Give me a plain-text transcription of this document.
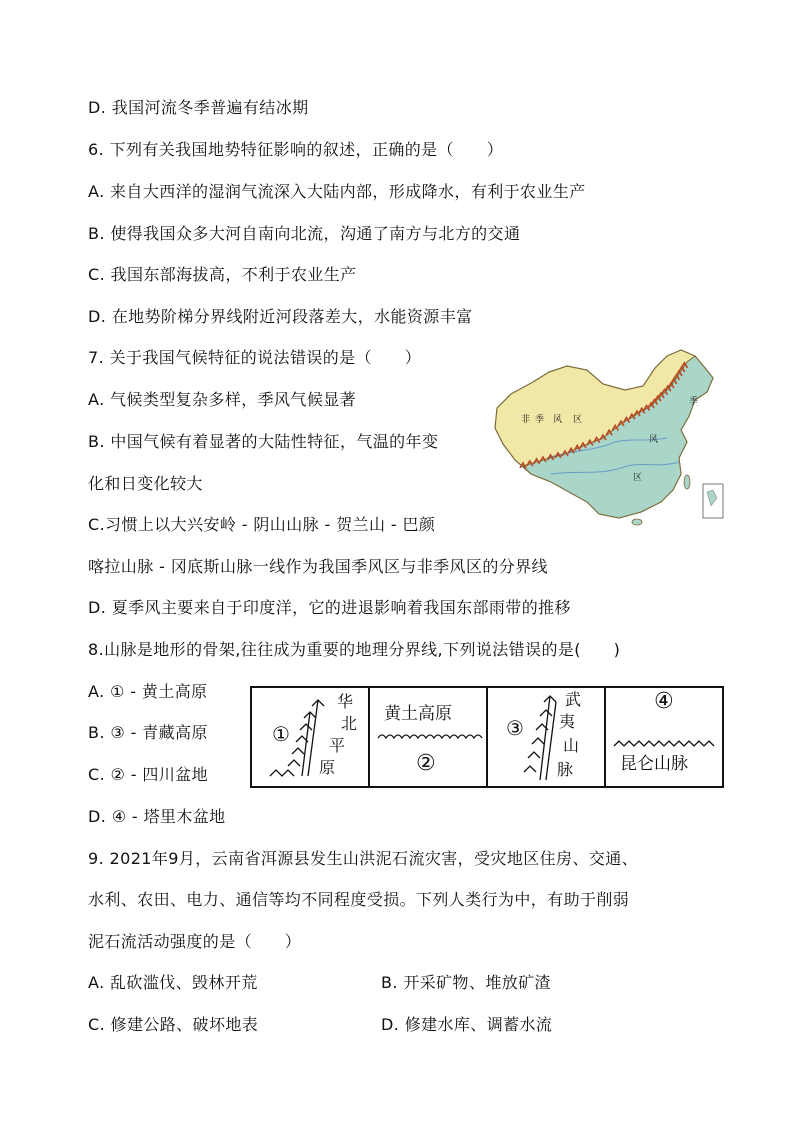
D. 我国河流冬季普遍有结冰期
6. 下列有关我国地势特征影响的叙述，正确的是（　　）
A. 来自大西洋的湿润气流深入大陆内部，形成降水，有利于农业生产
B. 使得我国众多大河自南向北流，沟通了南方与北方的交通
C. 我国东部海拔高，不利于农业生产
D. 在地势阶梯分界线附近河段落差大，水能资源丰富
7. 关于我国气候特征的说法错误的是（　　）
A. 气候类型复杂多样，季风气候显著
B. 中国气候有着显著的大陆性特征，气温的年变
化和日变化较大
C.习惯上以大兴安岭 - 阴山山脉 - 贺兰山 - 巴颜
喀拉山脉 - 冈底斯山脉一线作为我国季风区与非季风区的分界线
D. 夏季风主要来自于印度洋，它的进退影响着我国东部雨带的推移
8.山脉是地形的骨架,往往成为重要的地理分界线,下列说法错误的是(　　)
A. ① - 黄土高原
B. ③ - 青藏高原
C. ② - 四川盆地
D. ④ - 塔里木盆地
9. 2021年9月，云南省洱源县发生山洪泥石流灾害，受灾地区住房、交通、
水利、农田、电力、通信等均不同程度受损。下列人类行为中，有助于削弱
泥石流活动强度的是（　　）
A. 乱砍滥伐、毁林开荒	B. 开采矿物、堆放矿渣
C. 修建公路、破坏地表	D. 修建水库、调蓄水流
非 季 风 区
季
风
区
①
华
北
平
原
黄土高原
②
③
武
夷
山
脉
④
昆仑山脉
